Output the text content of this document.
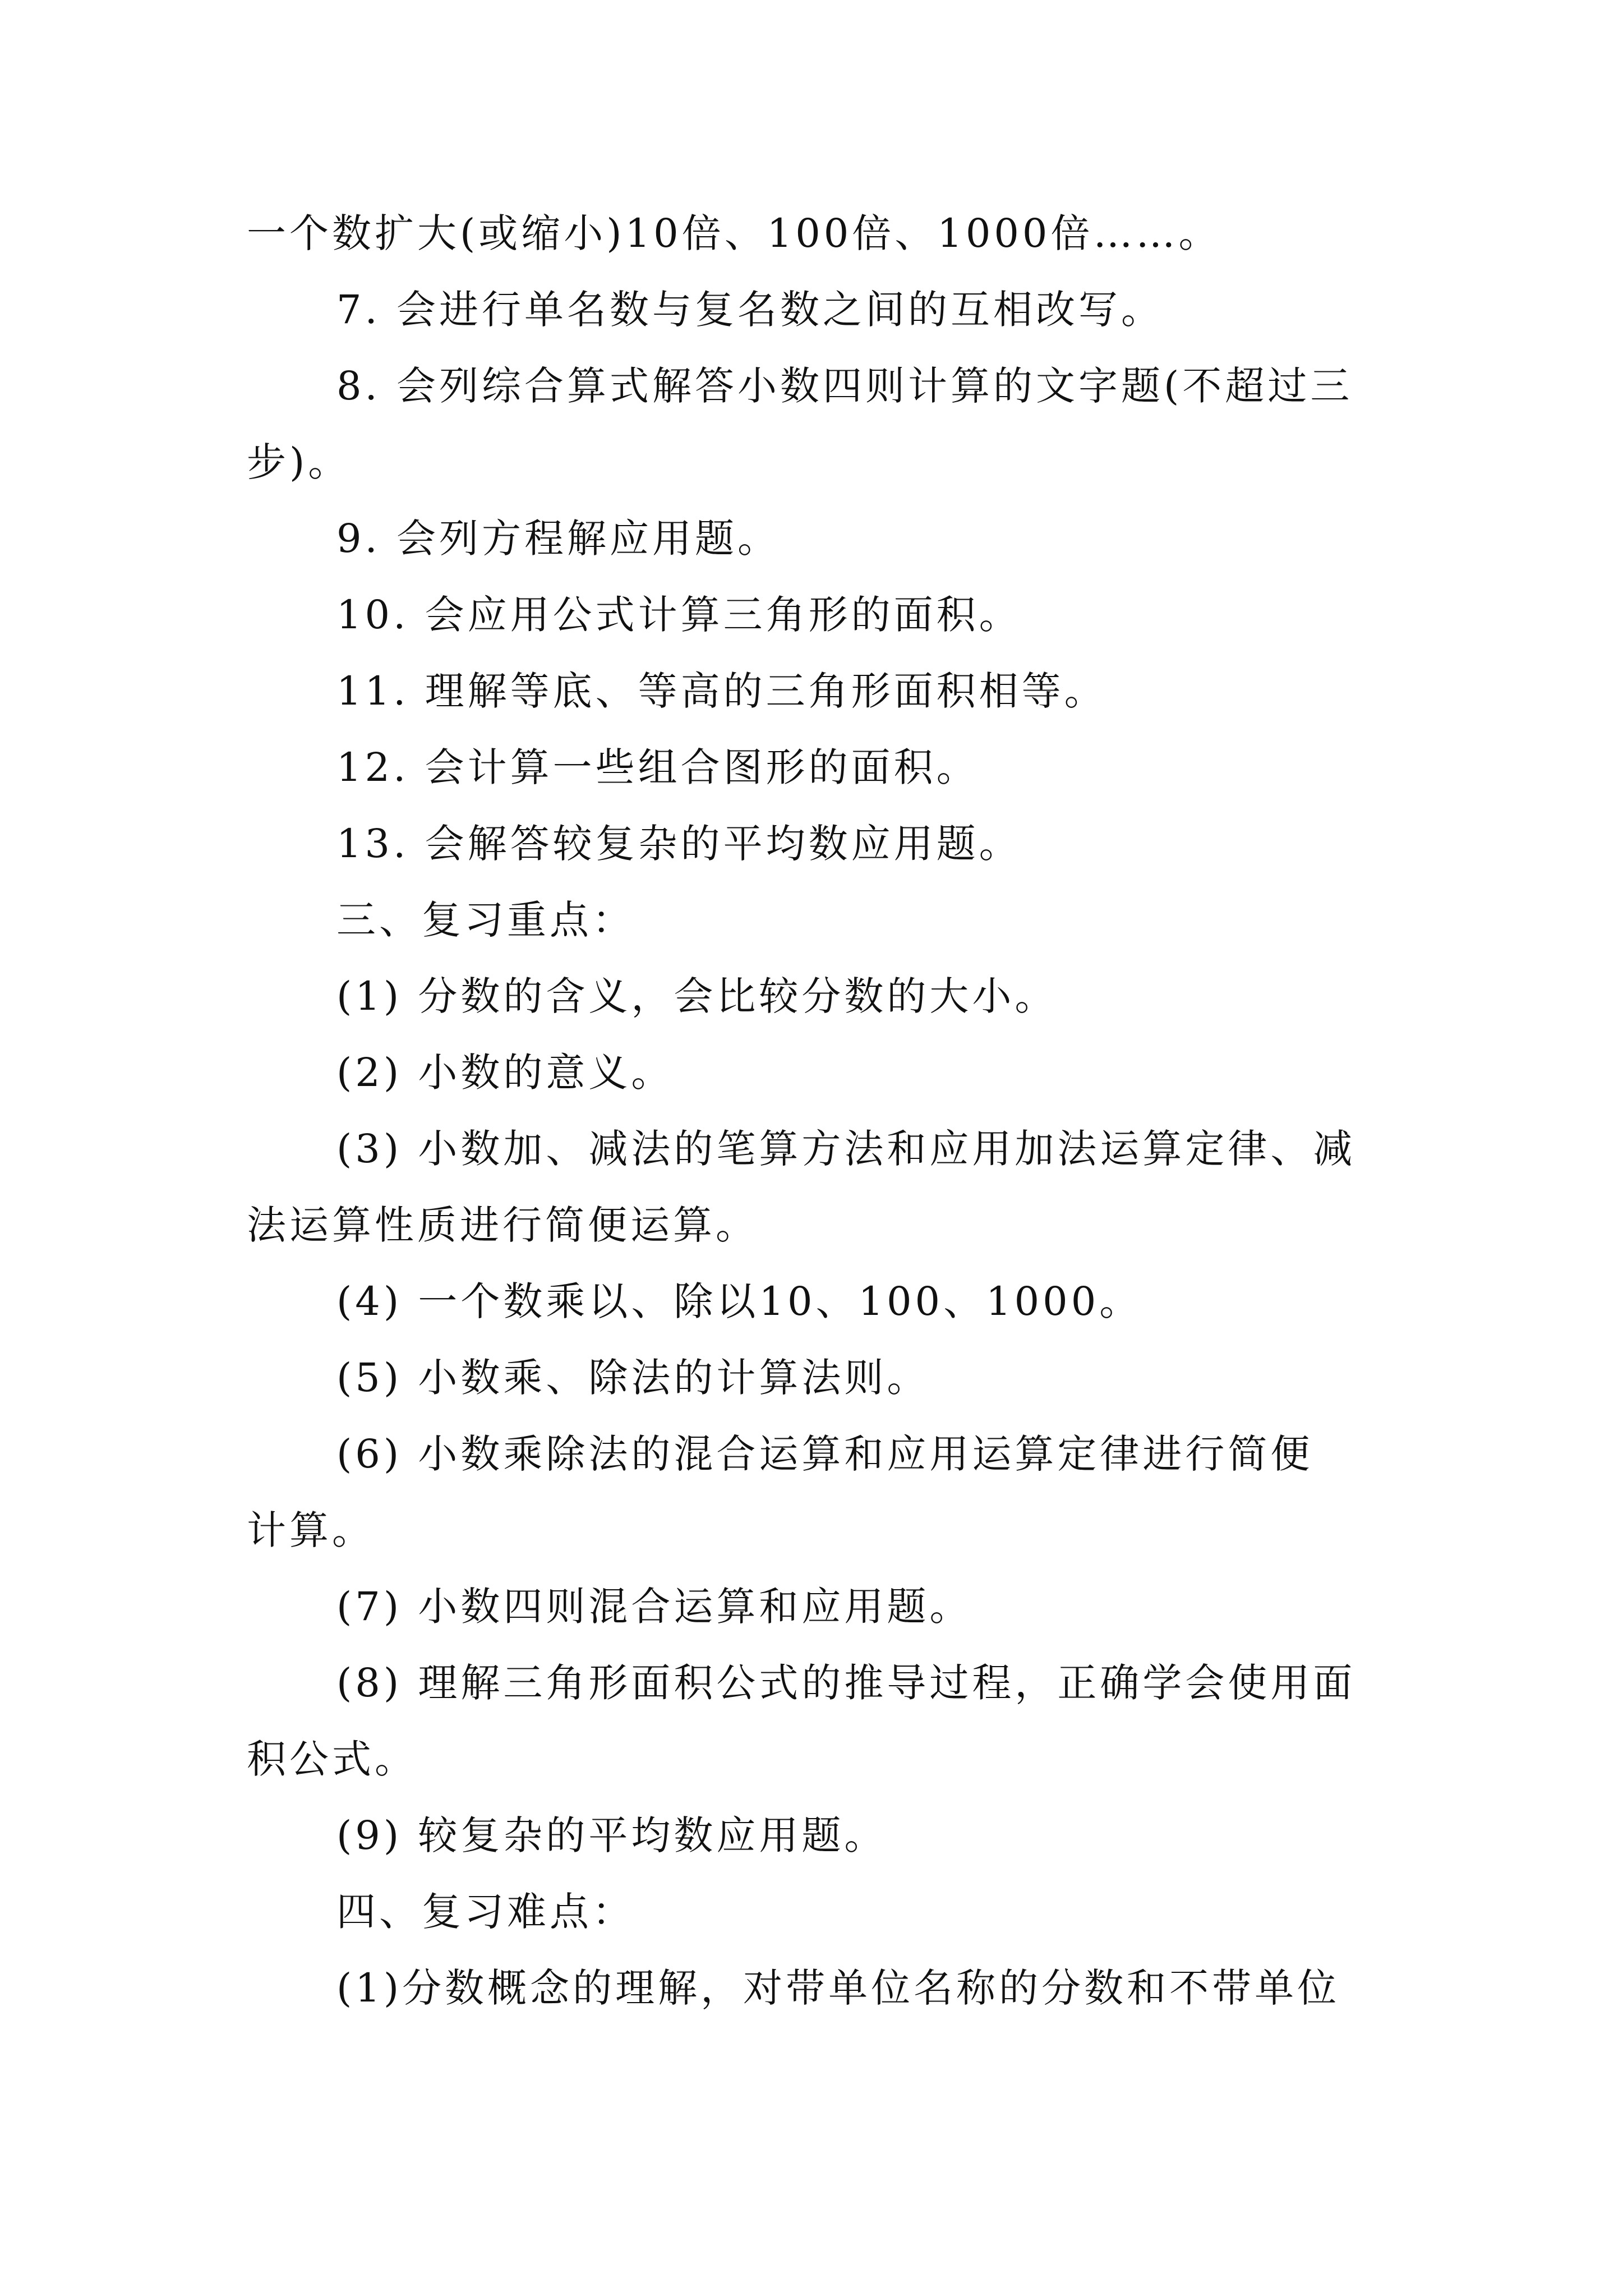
一个数扩大(或缩小)10倍、100倍、1000倍……。
7. 会进行单名数与复名数之间的互相改写。
8. 会列综合算式解答小数四则计算的文字题(不超过三
步)。
9. 会列方程解应用题。
10. 会应用公式计算三角形的面积。
11. 理解等底、等高的三角形面积相等。
12. 会计算一些组合图形的面积。
13. 会解答较复杂的平均数应用题。
三、复习重点：
(1) 分数的含义，会比较分数的大小。
(2) 小数的意义。
(3) 小数加、减法的笔算方法和应用加法运算定律、减
法运算性质进行简便运算。
(4) 一个数乘以、除以10、100、1000。
(5) 小数乘、除法的计算法则。
(6) 小数乘除法的混合运算和应用运算定律进行简便
计算。
(7) 小数四则混合运算和应用题。
(8) 理解三角形面积公式的推导过程，正确学会使用面
积公式。
(9) 较复杂的平均数应用题。
四、复习难点：
(1)分数概念的理解，对带单位名称的分数和不带单位
